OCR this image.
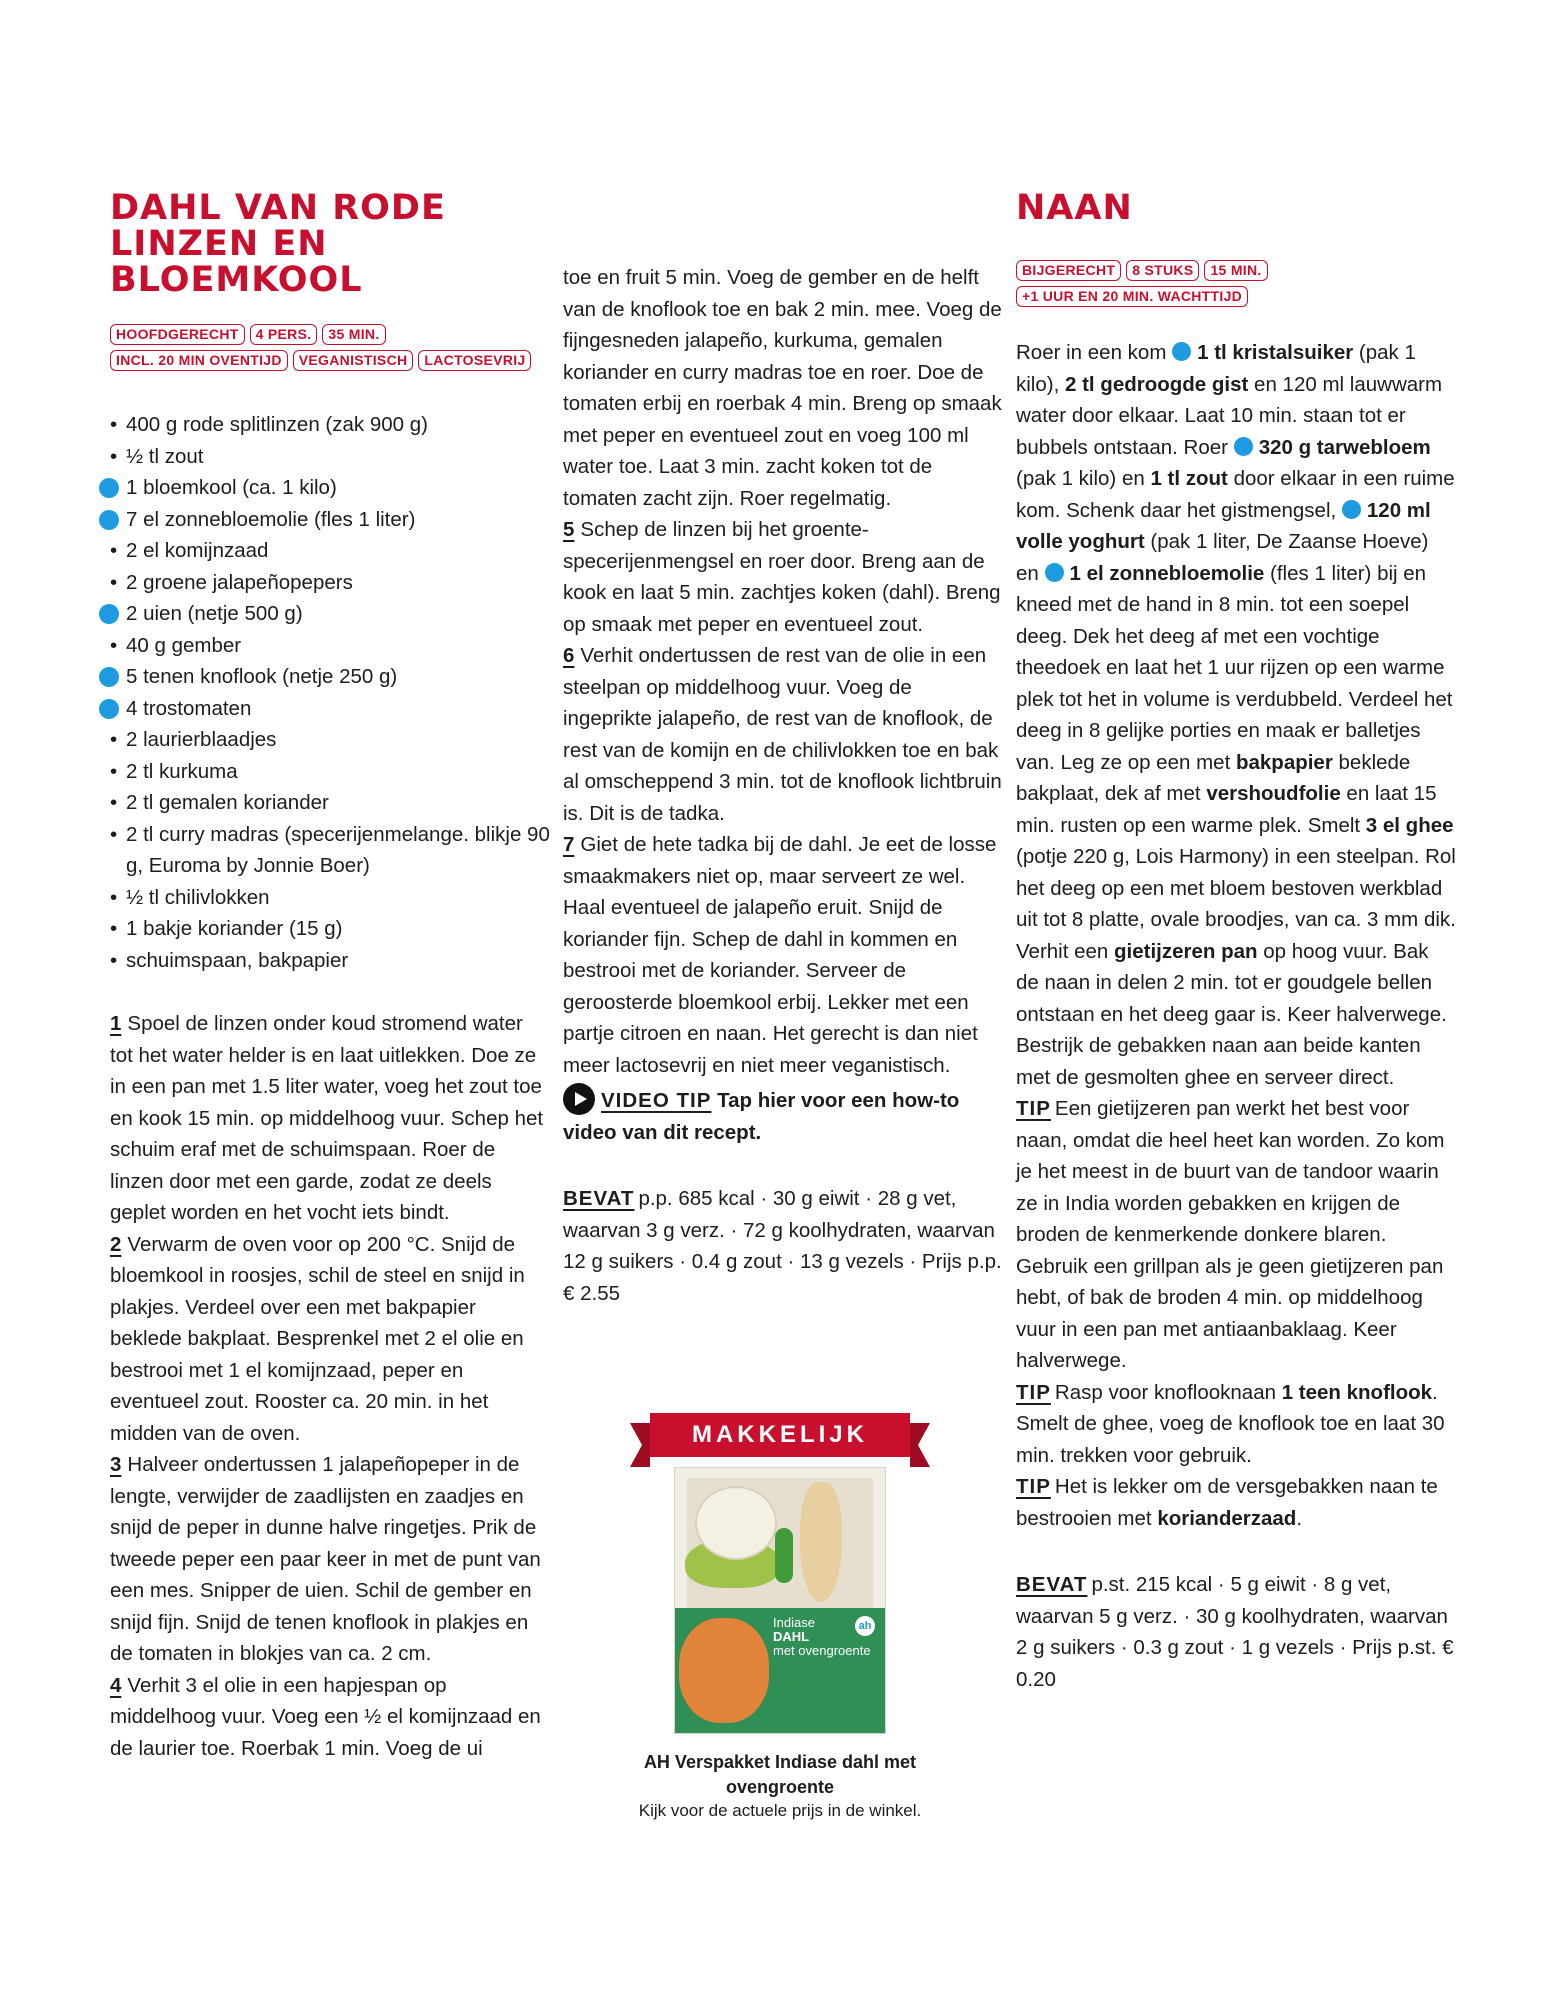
DAHL VAN RODE LINZEN EN BLOEMKOOL
HOOFDGERECHT	4 PERS.	35 MIN.
INCL. 20 MIN OVENTIJD	VEGANISTISCH	LACTOSEVRIJ
• 400 g rode splitlinzen (zak 900 g)
• ½ tl zout
1 bloemkool (ca. 1 kilo)
7 el zonnebloemolie (fles 1 liter)
• 2 el komijnzaad
• 2 groene jalapeñopepers
2 uien (netje 500 g)
• 40 g gember
5 tenen knoflook (netje 250 g)
4 trostomaten
• 2 laurierblaadjes
• 2 tl kurkuma
• 2 tl gemalen koriander
• 2 tl curry madras (specerijenmelange. blikje 90 g, Euroma by Jonnie Boer)
• ½ tl chilivlokken
• 1 bakje koriander (15 g)
• schuimspaan, bakpapier

1 Spoel de linzen onder koud stromend water tot het water helder is en laat uitlekken. Doe ze in een pan met 1.5 liter water, voeg het zout toe en kook 15 min. op middelhoog vuur. Schep het schuim eraf met de schuimspaan. Roer de linzen door met een garde, zodat ze deels geplet worden en het vocht iets bindt.

2 Verwarm de oven voor op 200 °C. Snijd de bloemkool in roosjes, schil de steel en snijd in plakjes. Verdeel over een met bakpapier beklede bakplaat. Besprenkel met 2 el olie en bestrooi met 1 el komijnzaad, peper en eventueel zout. Rooster ca. 20 min. in het midden van de oven.

3 Halveer ondertussen 1 jalapeñopeper in de lengte, verwijder de zaadlijsten en zaadjes en snijd de peper in dunne halve ringetjes. Prik de tweede peper een paar keer in met de punt van een mes. Snipper de uien. Schil de gember en snijd fijn. Snijd de tenen knoflook in plakjes en de tomaten in blokjes van ca. 2 cm.

4 Verhit 3 el olie in een hapjespan op middelhoog vuur. Voeg een ½ el komijnzaad en de laurier toe. Roerbak 1 min. Voeg de ui

toe en fruit 5 min. Voeg de gember en de helft van de knoflook toe en bak 2 min. mee. Voeg de fijngesneden jalapeño, kurkuma, gemalen koriander en curry madras toe en roer. Doe de tomaten erbij en roerbak 4 min. Breng op smaak met peper en eventueel zout en voeg 100 ml water toe. Laat 3 min. zacht koken tot de tomaten zacht zijn. Roer regelmatig.

5 Schep de linzen bij het groente-specerijenmengsel en roer door. Breng aan de kook en laat 5 min. zachtjes koken (dahl). Breng op smaak met peper en eventueel zout.

6 Verhit ondertussen de rest van de olie in een steelpan op middelhoog vuur. Voeg de ingeprikte jalapeño, de rest van de knoflook, de rest van de komijn en de chilivlokken toe en bak al omscheppend 3 min. tot de knoflook lichtbruin is. Dit is de tadka.

7 Giet de hete tadka bij de dahl. Je eet de losse smaakmakers niet op, maar serveert ze wel. Haal eventueel de jalapeño eruit. Snijd de koriander fijn. Schep de dahl in kommen en bestrooi met de koriander. Serveer de geroosterde bloemkool erbij. Lekker met een partje citroen en naan. Het gerecht is dan niet meer lactosevrij en niet meer veganistisch.

VIDEO TIP Tap hier voor een how-to video van dit recept.

BEVAT p.p. 685 kcal · 30 g eiwit · 28 g vet, waarvan 3 g verz. · 72 g koolhydraten, waarvan 12 g suikers · 0.4 g zout · 13 g vezels · Prijs p.p. € 2.55

MAKKELIJK
Indiase
DAHL
met ovengroente
ah
AH Verspakket Indiase dahl met ovengroente
Kijk voor de actuele prijs in de winkel.
NAAN
BIJGERECHT	8 STUKS	15 MIN.
+1 UUR EN 20 MIN. WACHTTIJD

Roer in een kom 1 tl kristalsuiker (pak 1 kilo), 2 tl gedroogde gist en 120 ml lauwwarm water door elkaar. Laat 10 min. staan tot er bubbels ontstaan. Roer 320 g tarwebloem (pak 1 kilo) en 1 tl zout door elkaar in een ruime kom. Schenk daar het gistmengsel, 120 ml volle yoghurt (pak 1 liter, De Zaanse Hoeve) en 1 el zonnebloemolie (fles 1 liter) bij en kneed met de hand in 8 min. tot een soepel deeg. Dek het deeg af met een vochtige theedoek en laat het 1 uur rijzen op een warme plek tot het in volume is verdubbeld. Verdeel het deeg in 8 gelijke porties en maak er balletjes van. Leg ze op een met bakpapier beklede bakplaat, dek af met vershoudfolie en laat 15 min. rusten op een warme plek. Smelt 3 el ghee (potje 220 g, Lois Harmony) in een steelpan. Rol het deeg op een met bloem bestoven werkblad uit tot 8 platte, ovale broodjes, van ca. 3 mm dik. Verhit een gietijzeren pan op hoog vuur. Bak de naan in delen 2 min. tot er goudgele bellen ontstaan en het deeg gaar is. Keer halverwege. Bestrijk de gebakken naan aan beide kanten met de gesmolten ghee en serveer direct.

TIP Een gietijzeren pan werkt het best voor naan, omdat die heel heet kan worden. Zo kom je het meest in de buurt van de tandoor waarin ze in India worden gebakken en krijgen de broden de kenmerkende donkere blaren. Gebruik een grillpan als je geen gietijzeren pan hebt, of bak de broden 4 min. op middelhoog vuur in een pan met antiaanbaklaag. Keer halverwege.

TIP Rasp voor knoflooknaan 1 teen knoflook. Smelt de ghee, voeg de knoflook toe en laat 30 min. trekken voor gebruik.

TIP Het is lekker om de versgebakken naan te bestrooien met korianderzaad.

BEVAT p.st. 215 kcal · 5 g eiwit · 8 g vet, waarvan 5 g verz. · 30 g koolhydraten, waarvan 2 g suikers · 0.3 g zout · 1 g vezels · Prijs p.st. € 0.20
